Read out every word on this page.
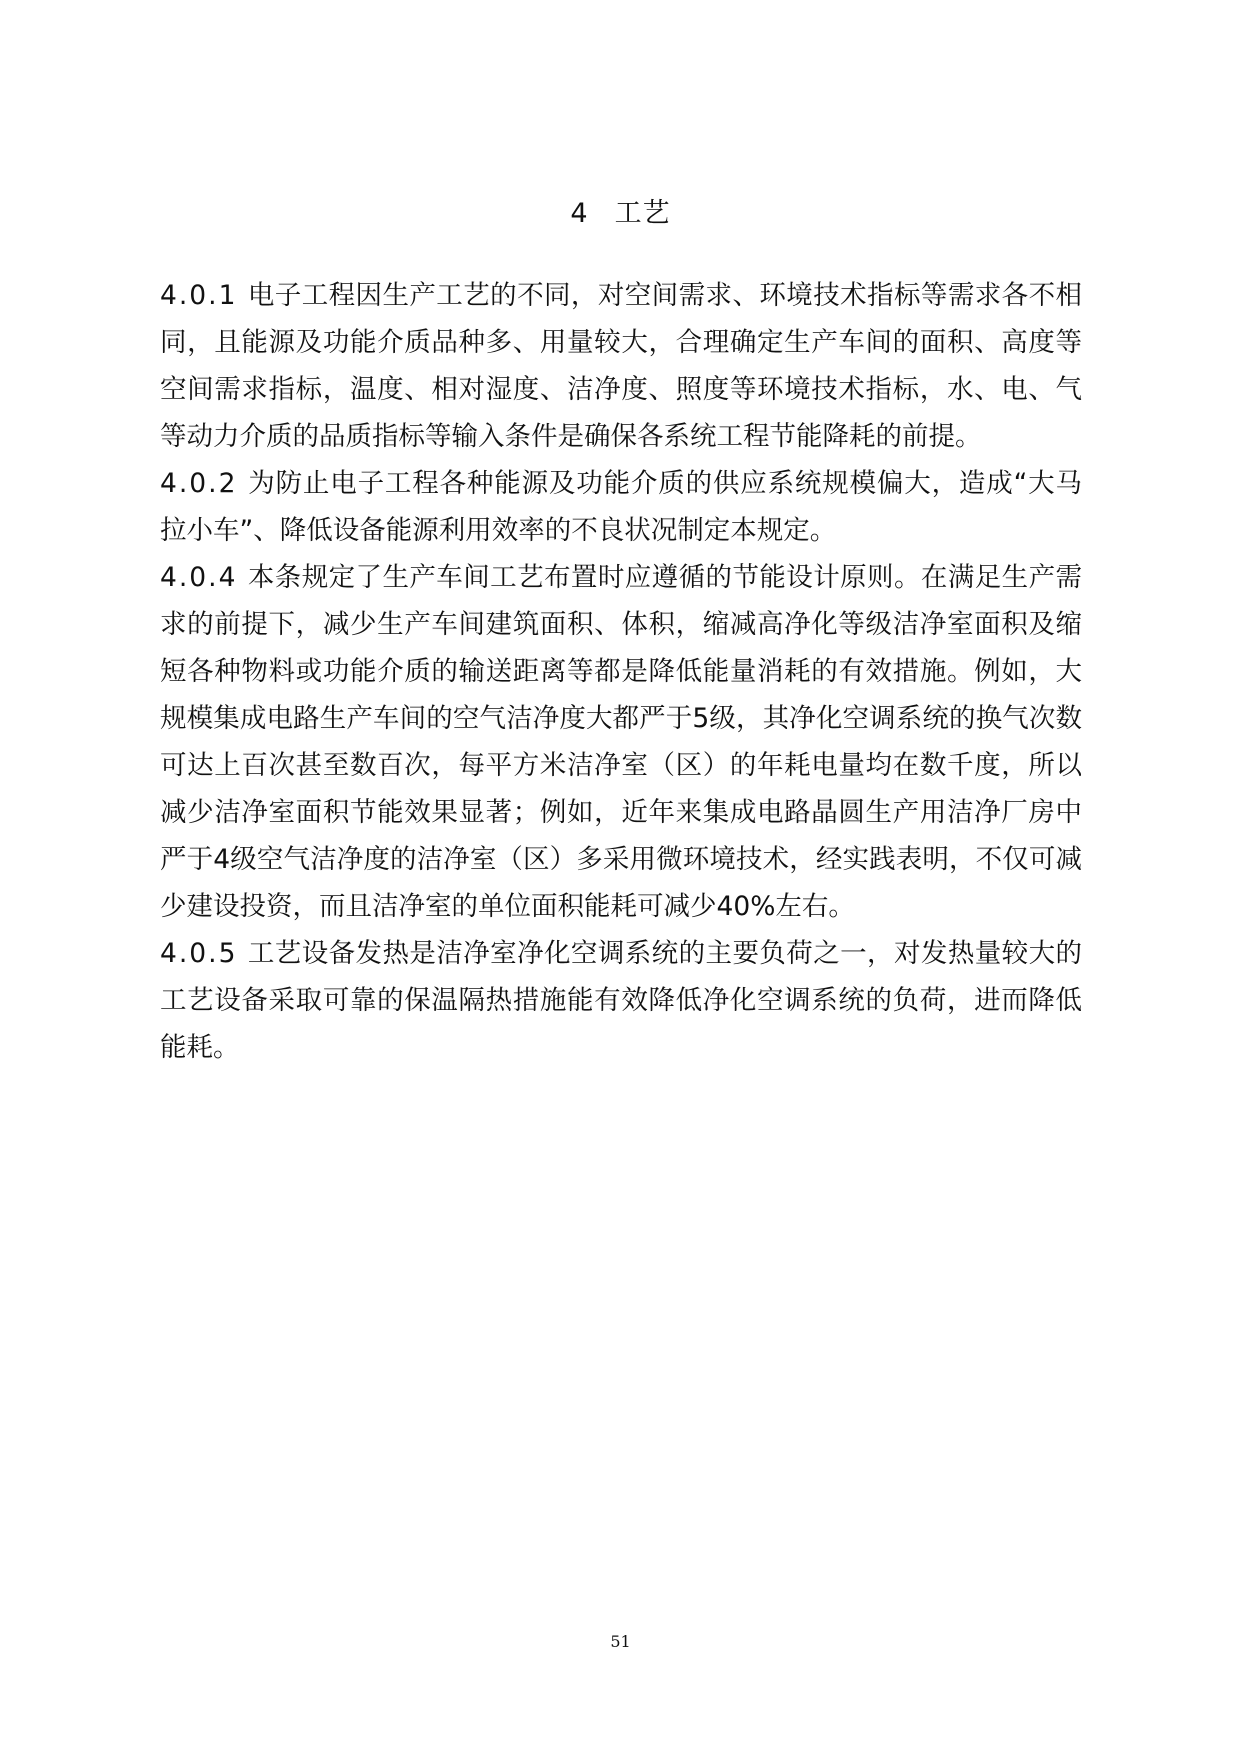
4 工艺

4.0.1 电子工程因生产工艺的不同，对空间需求、环境技术指标等需求各不相同，且能源及功能介质品种多、用量较大，合理确定生产车间的面积、高度等空间需求指标，温度、相对湿度、洁净度、照度等环境技术指标，水、电、气等动力介质的品质指标等输入条件是确保各系统工程节能降耗的前提。

4.0.2 为防止电子工程各种能源及功能介质的供应系统规模偏大，造成“大马拉小车”、降低设备能源利用效率的不良状况制定本规定。

4.0.4 本条规定了生产车间工艺布置时应遵循的节能设计原则。在满足生产需求的前提下，减少生产车间建筑面积、体积，缩减高净化等级洁净室面积及缩短各种物料或功能介质的输送距离等都是降低能量消耗的有效措施。例如，大规模集成电路生产车间的空气洁净度大都严于5级，其净化空调系统的换气次数可达上百次甚至数百次，每平方米洁净室（区）的年耗电量均在数千度，所以减少洁净室面积节能效果显著；例如，近年来集成电路晶圆生产用洁净厂房中严于4级空气洁净度的洁净室（区）多采用微环境技术，经实践表明，不仅可减少建设投资，而且洁净室的单位面积能耗可减少40%左右。

4.0.5 工艺设备发热是洁净室净化空调系统的主要负荷之一，对发热量较大的工艺设备采取可靠的保温隔热措施能有效降低净化空调系统的负荷，进而降低能耗。

51
